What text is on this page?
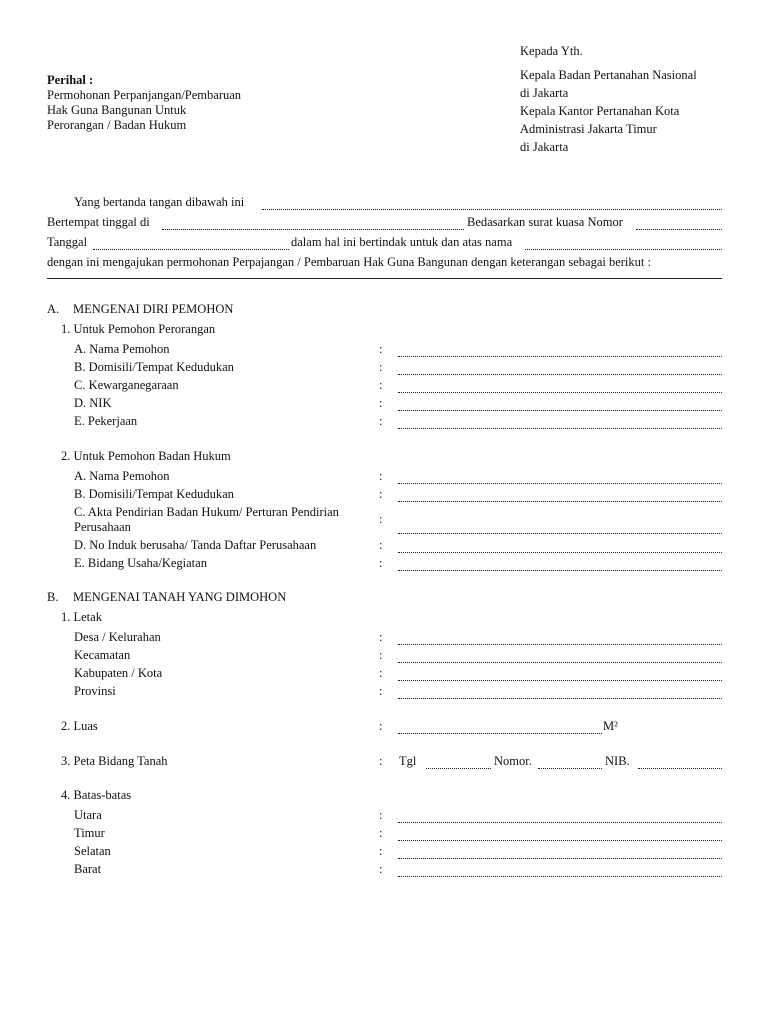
Kepada Yth.
Kepala Badan Pertanahan Nasional
di Jakarta
Kepala Kantor Pertanahan Kota
Administrasi Jakarta Timur
di Jakarta
Perihal :
Permohonan Perpanjangan/Pembaruan
Hak Guna Bangunan Untuk
Perorangan / Badan Hukum
Yang bertanda tangan dibawah ini
Bertempat tinggal di	Bedasarkan surat kuasa Nomor
Tanggal	dalam hal ini bertindak untuk dan atas nama
dengan ini mengajukan permohonan Perpajangan / Pembaruan Hak Guna Bangunan dengan keterangan sebagai berikut :
A. MENGENAI DIRI PEMOHON
1. Untuk Pemohon Perorangan
A. Nama Pemohon	:
B. Domisili/Tempat Kedudukan	:
C. Kewarganegaraan	:
D. NIK	:
E. Pekerjaan	:
2. Untuk Pemohon Badan Hukum
A. Nama Pemohon	:
B. Domisili/Tempat Kedudukan	:
C. Akta Pendirian Badan Hukum/ Perturan Pendirian Perusahaan
:
D. No Induk berusaha/ Tanda Daftar Perusahaan	:
E. Bidang Usaha/Kegiatan	:
B. MENGENAI TANAH YANG DIMOHON
1. Letak
Desa / Kelurahan	:
Kecamatan	:
Kabupaten / Kota	:
Provinsi	:
2. Luas	:	M²
3. Peta Bidang Tanah	: Tgl	Nomor.	NIB.
4. Batas-batas
Utara	:
Timur	:
Selatan	:
Barat	:
